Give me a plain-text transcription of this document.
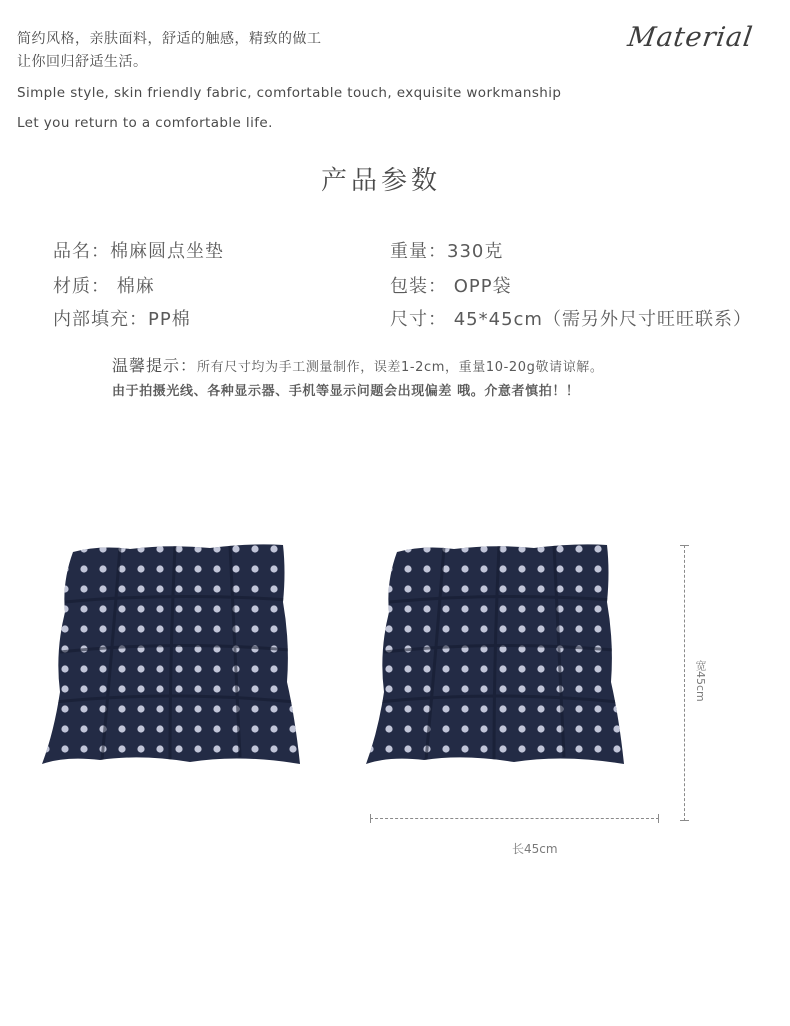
简约风格，亲肤面料，舒适的触感，精致的做工
让你回归舒适生活。
Simple style, skin friendly fabric, comfortable touch, exquisite workmanship
Let you return to a comfortable life.
Material
产品参数
品名：棉麻圆点坐垫	重量：330克
材质： 棉麻	包装： OPP袋
内部填充：PP棉	尺寸： 45*45cm（需另外尺寸旺旺联系）
温馨提示：所有尺寸均为手工测量制作，误差1-2cm，重量10-20g敬请谅解。
由于拍摄光线、各种显示器、手机等显示问题会出现偏差 哦。介意者慎拍！！
长45cm
宽45cm
